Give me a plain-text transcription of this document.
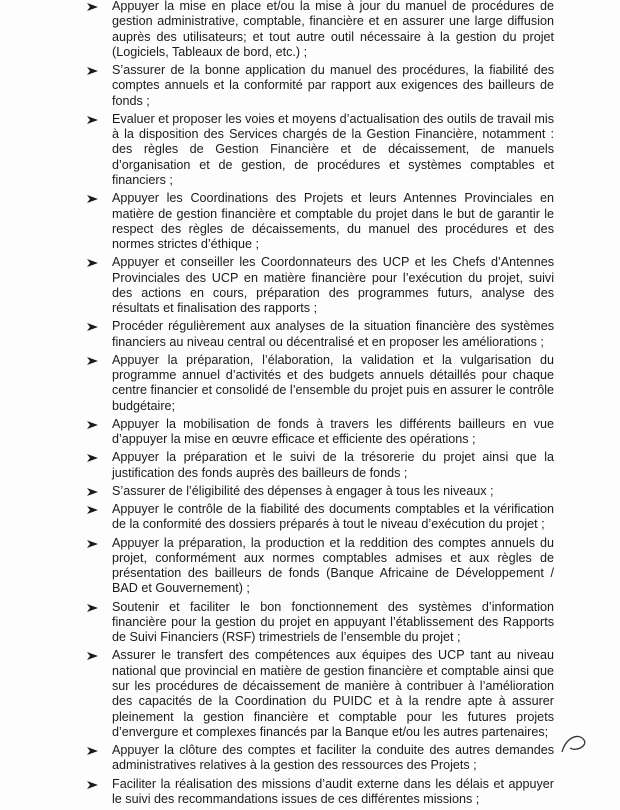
Appuyer la mise en place et/ou la mise à jour du manuel de procédures de gestion administrative, comptable, financière et en assurer une large diffusion auprès des utilisateurs; et tout autre outil nécessaire à la gestion du projet (Logiciels, Tableaux de bord, etc.) ;
S’assurer de la bonne application du manuel des procédures, la fiabilité des comptes annuels et la conformité par rapport aux exigences des bailleurs de fonds ;
Evaluer et proposer les voies et moyens d’actualisation des outils de travail mis à la disposition des Services chargés de la Gestion Financière, notamment : des règles de Gestion Financière et de décaissement, de manuels d’organisation et de gestion, de procédures et systèmes comptables et financiers ;
Appuyer les Coordinations des Projets et leurs Antennes Provinciales en matière de gestion financière et comptable du projet dans le but de garantir le respect des règles de décaissements, du manuel des procédures et des normes strictes d’éthique ;
Appuyer et conseiller les Coordonnateurs des UCP et les Chefs d’Antennes Provinciales des UCP en matière financière pour l’exécution du projet, suivi des actions en cours, préparation des programmes futurs, analyse des résultats et finalisation des rapports ;
Procéder régulièrement aux analyses de la situation financière des systèmes financiers au niveau central ou décentralisé et en proposer les améliorations ;
Appuyer la préparation, l’élaboration, la validation et la vulgarisation du programme annuel d’activités et des budgets annuels détaillés pour chaque centre financier et consolidé de l’ensemble du projet puis en assurer le contrôle budgétaire;
Appuyer la mobilisation de fonds à travers les différents bailleurs en vue d’appuyer la mise en œuvre efficace et efficiente des opérations ;
Appuyer la préparation et le suivi de la trésorerie du projet ainsi que la justification des fonds auprès des bailleurs de fonds ;
S’assurer de l’éligibilité des dépenses à engager à tous les niveaux ;
Appuyer le contrôle de la fiabilité des documents comptables et la vérification de la conformité des dossiers préparés à tout le niveau d’exécution du projet ;
Appuyer la préparation, la production et la reddition des comptes annuels du projet, conformément aux normes comptables admises et aux règles de présentation des bailleurs de fonds (Banque Africaine de Développement / BAD et Gouvernement) ;
Soutenir et faciliter le bon fonctionnement des systèmes d’information financière pour la gestion du projet en appuyant l’établissement des Rapports de Suivi Financiers (RSF) trimestriels de l’ensemble du projet ;
Assurer le transfert des compétences aux équipes des UCP tant au niveau national que provincial en matière de gestion financière et comptable ainsi que sur les procédures de décaissement de manière à contribuer à l’amélioration des capacités de la Coordination du PUIDC et à la rendre apte à assurer pleinement la gestion financière et comptable pour les futures projets d’envergure et complexes financés par la Banque et/ou les autres partenaires;
Appuyer la clôture des comptes et faciliter la conduite des autres demandes administratives relatives à la gestion des ressources des Projets ;
Faciliter la réalisation des missions d’audit externe dans les délais et appuyer le suivi des recommandations issues de ces différentes missions ;
